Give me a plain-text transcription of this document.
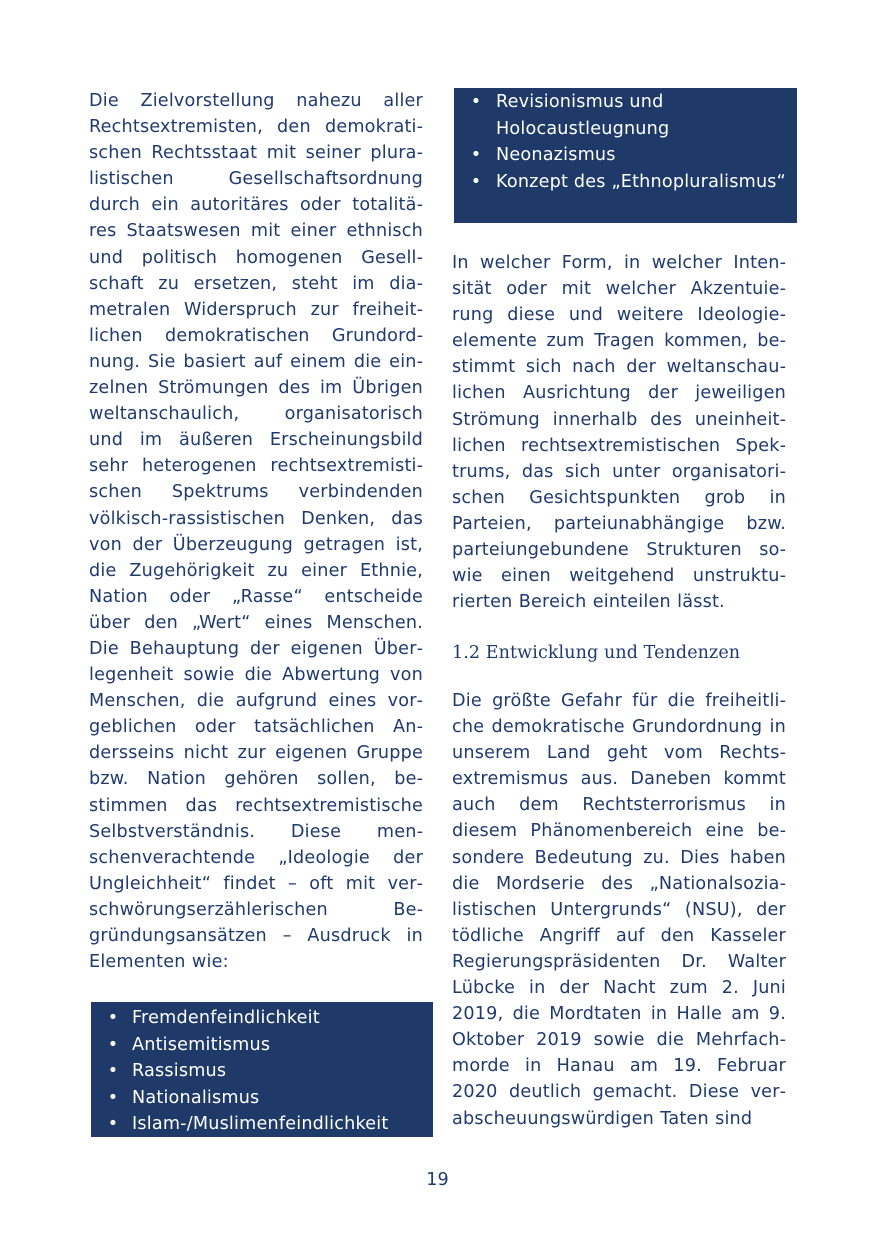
Die Zielvorstellung nahezu aller Rechtsextremisten, den demokratischen Rechtsstaat mit seiner pluralistischen Gesellschaftsordnung durch ein autoritäres oder totalitäres Staatswesen mit einer ethnisch und politisch homogenen Gesellschaft zu ersetzen, steht im diametralen Widerspruch zur freiheitlichen demokratischen Grundordnung. Sie basiert auf einem die einzelnen Strömungen des im Übrigen weltanschaulich, organisatorisch und im äußeren Erscheinungsbild sehr heterogenen rechtsextremistischen Spektrums verbindenden völkisch-rassistischen Denken, das von der Überzeugung getragen ist, die Zugehörigkeit zu einer Ethnie, Nation oder „Rasse“ entscheide über den „Wert“ eines Menschen. Die Behauptung der eigenen Überlegenheit sowie die Abwertung von Menschen, die aufgrund eines vorgeblichen oder tatsächlichen Andersseins nicht zur eigenen Gruppe bzw. Nation gehören sollen, bestimmen das rechtsextremistische Selbstverständnis. Diese menschenverachtende „Ideologie der Ungleichheit“ findet – oft mit verschwörungserzählerischen Begründungsansätzen – Ausdruck in Elementen wie:

• Fremdenfeindlichkeit
• Antisemitismus
• Rassismus
• Nationalismus
• Islam-/Muslimenfeindlichkeit
• Revisionismus und Holocaustleugnung
• Neonazismus
• Konzept des „Ethnopluralismus“

In welcher Form, in welcher Intensität oder mit welcher Akzentuierung diese und weitere Ideologieelemente zum Tragen kommen, bestimmt sich nach der weltanschaulichen Ausrichtung der jeweiligen Strömung innerhalb des uneinheitlichen rechtsextremistischen Spektrums, das sich unter organisatorischen Gesichtspunkten grob in Parteien, parteiunabhängige bzw. parteiungebundene Strukturen sowie einen weitgehend unstrukturierten Bereich einteilen lässt.

1.2 Entwicklung und Tendenzen

Die größte Gefahr für die freiheitliche demokratische Grundordnung in unserem Land geht vom Rechtsextremismus aus. Daneben kommt auch dem Rechtsterrorismus in diesem Phänomenbereich eine besondere Bedeutung zu. Dies haben die Mordserie des „Nationalsozialistischen Untergrunds“ (NSU), der tödliche Angriff auf den Kasseler Regierungspräsidenten Dr. Walter Lübcke in der Nacht zum 2. Juni 2019, die Mordtaten in Halle am 9. Oktober 2019 sowie die Mehrfachmorde in Hanau am 19. Februar 2020 deutlich gemacht. Diese verabscheuungswürdigen Taten sind

19
